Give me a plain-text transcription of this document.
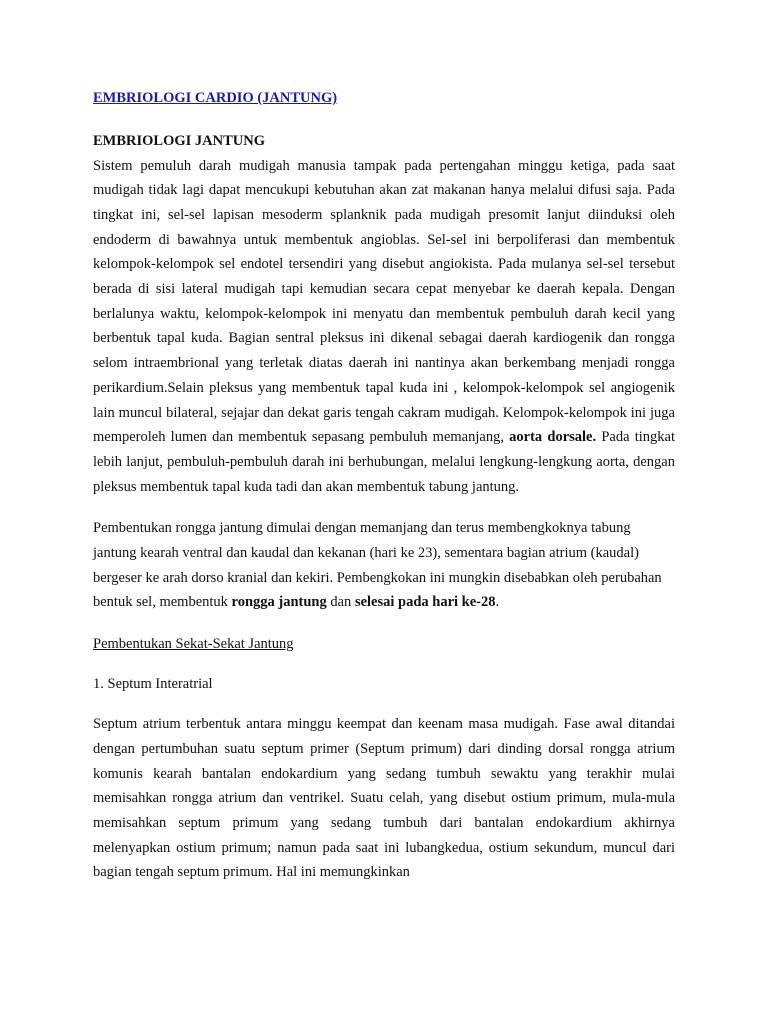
EMBRIOLOGI CARDIO (JANTUNG)

EMBRIOLOGI JANTUNG

Sistem pemuluh darah mudigah manusia tampak pada pertengahan minggu ketiga, pada saat mudigah tidak lagi dapat mencukupi kebutuhan akan zat makanan hanya melalui difusi saja. Pada tingkat ini, sel-sel lapisan mesoderm splanknik pada mudigah presomit lanjut diinduksi oleh endoderm di bawahnya untuk membentuk angioblas. Sel-sel ini berpoliferasi dan membentuk kelompok-kelompok sel endotel tersendiri yang disebut angiokista. Pada mulanya sel-sel tersebut berada di sisi lateral mudigah tapi kemudian secara cepat menyebar ke daerah kepala. Dengan berlalunya waktu, kelompok-kelompok ini menyatu dan membentuk pembuluh darah kecil yang berbentuk tapal kuda. Bagian sentral pleksus ini dikenal sebagai daerah kardiogenik dan rongga selom intraembrional yang terletak diatas daerah ini nantinya akan berkembang menjadi rongga perikardium.Selain pleksus yang membentuk tapal kuda ini , kelompok-kelompok sel angiogenik lain muncul bilateral, sejajar dan dekat garis tengah cakram mudigah. Kelompok-kelompok ini juga memperoleh lumen dan membentuk sepasang pembuluh memanjang, aorta dorsale. Pada tingkat lebih lanjut, pembuluh-pembuluh darah ini berhubungan, melalui lengkung-lengkung aorta, dengan pleksus membentuk tapal kuda tadi dan akan membentuk tabung jantung.

Pembentukan rongga jantung dimulai dengan memanjang dan terus membengkoknya tabung jantung kearah ventral dan kaudal dan kekanan (hari ke 23), sementara bagian atrium (kaudal) bergeser ke arah dorso kranial dan kekiri. Pembengkokan ini mungkin disebabkan oleh perubahan bentuk sel, membentuk rongga jantung dan selesai pada hari ke-28.

Pembentukan Sekat-Sekat Jantung

1. Septum Interatrial

Septum atrium terbentuk antara minggu keempat dan keenam masa mudigah. Fase awal ditandai dengan pertumbuhan suatu septum primer (Septum primum) dari dinding dorsal rongga atrium komunis kearah bantalan endokardium yang sedang tumbuh sewaktu yang terakhir mulai memisahkan rongga atrium dan ventrikel. Suatu celah, yang disebut ostium primum, mula-mula memisahkan septum primum yang sedang tumbuh dari bantalan endokardium akhirnya melenyapkan ostium primum; namun pada saat ini lubangkedua, ostium sekundum, muncul dari bagian tengah septum primum. Hal ini memungkinkan
